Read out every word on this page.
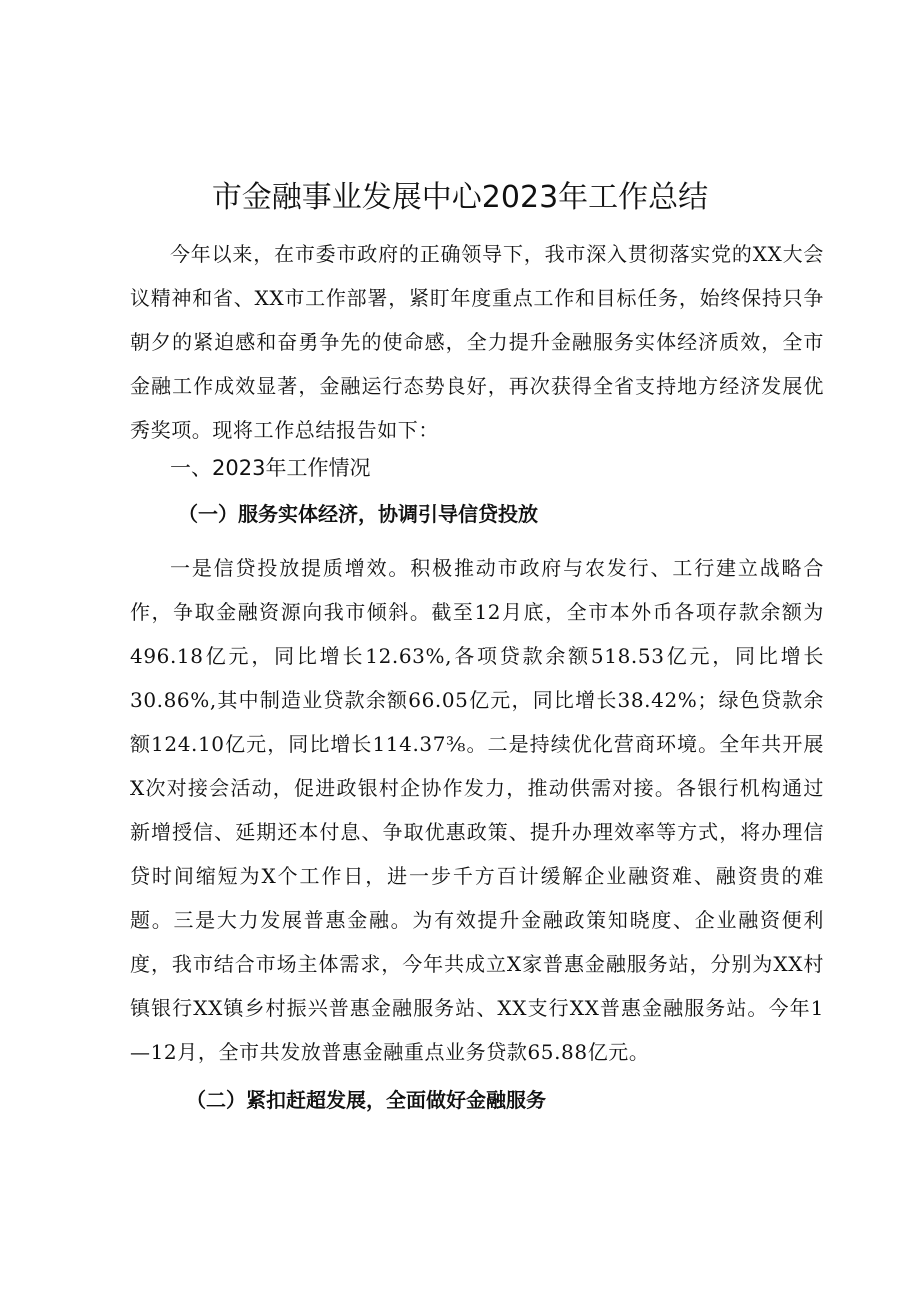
市金融事业发展中心2023年工作总结

今年以来，在市委市政府的正确领导下，我市深入贯彻落实党的XX大会议精神和省、XX市工作部署，紧盯年度重点工作和目标任务，始终保持只争朝夕的紧迫感和奋勇争先的使命感，全力提升金融服务实体经济质效，全市金融工作成效显著，金融运行态势良好，再次获得全省支持地方经济发展优秀奖项。现将工作总结报告如下：

一、2023年工作情况
（一）服务实体经济，协调引导信贷投放

一是信贷投放提质增效。积极推动市政府与农发行、工行建立战略合作，争取金融资源向我市倾斜。截至12月底，全市本外币各项存款余额为496.18亿元，同比增长12.63%,各项贷款余额518.53亿元，同比增长30.86%,其中制造业贷款余额66.05亿元，同比增长38.42%；绿色贷款余额124.10亿元，同比增长114.37⅜。二是持续优化营商环境。全年共开展X次对接会活动，促进政银村企协作发力，推动供需对接。各银行机构通过新增授信、延期还本付息、争取优惠政策、提升办理效率等方式，将办理信贷时间缩短为X个工作日，进一步千方百计缓解企业融资难、融资贵的难题。三是大力发展普惠金融。为有效提升金融政策知晓度、企业融资便利度，我市结合市场主体需求，今年共成立X家普惠金融服务站，分别为XX村镇银行XX镇乡村振兴普惠金融服务站、XX支行XX普惠金融服务站。今年1—12月，全市共发放普惠金融重点业务贷款65.88亿元。

（二）紧扣赶超发展，全面做好金融服务
